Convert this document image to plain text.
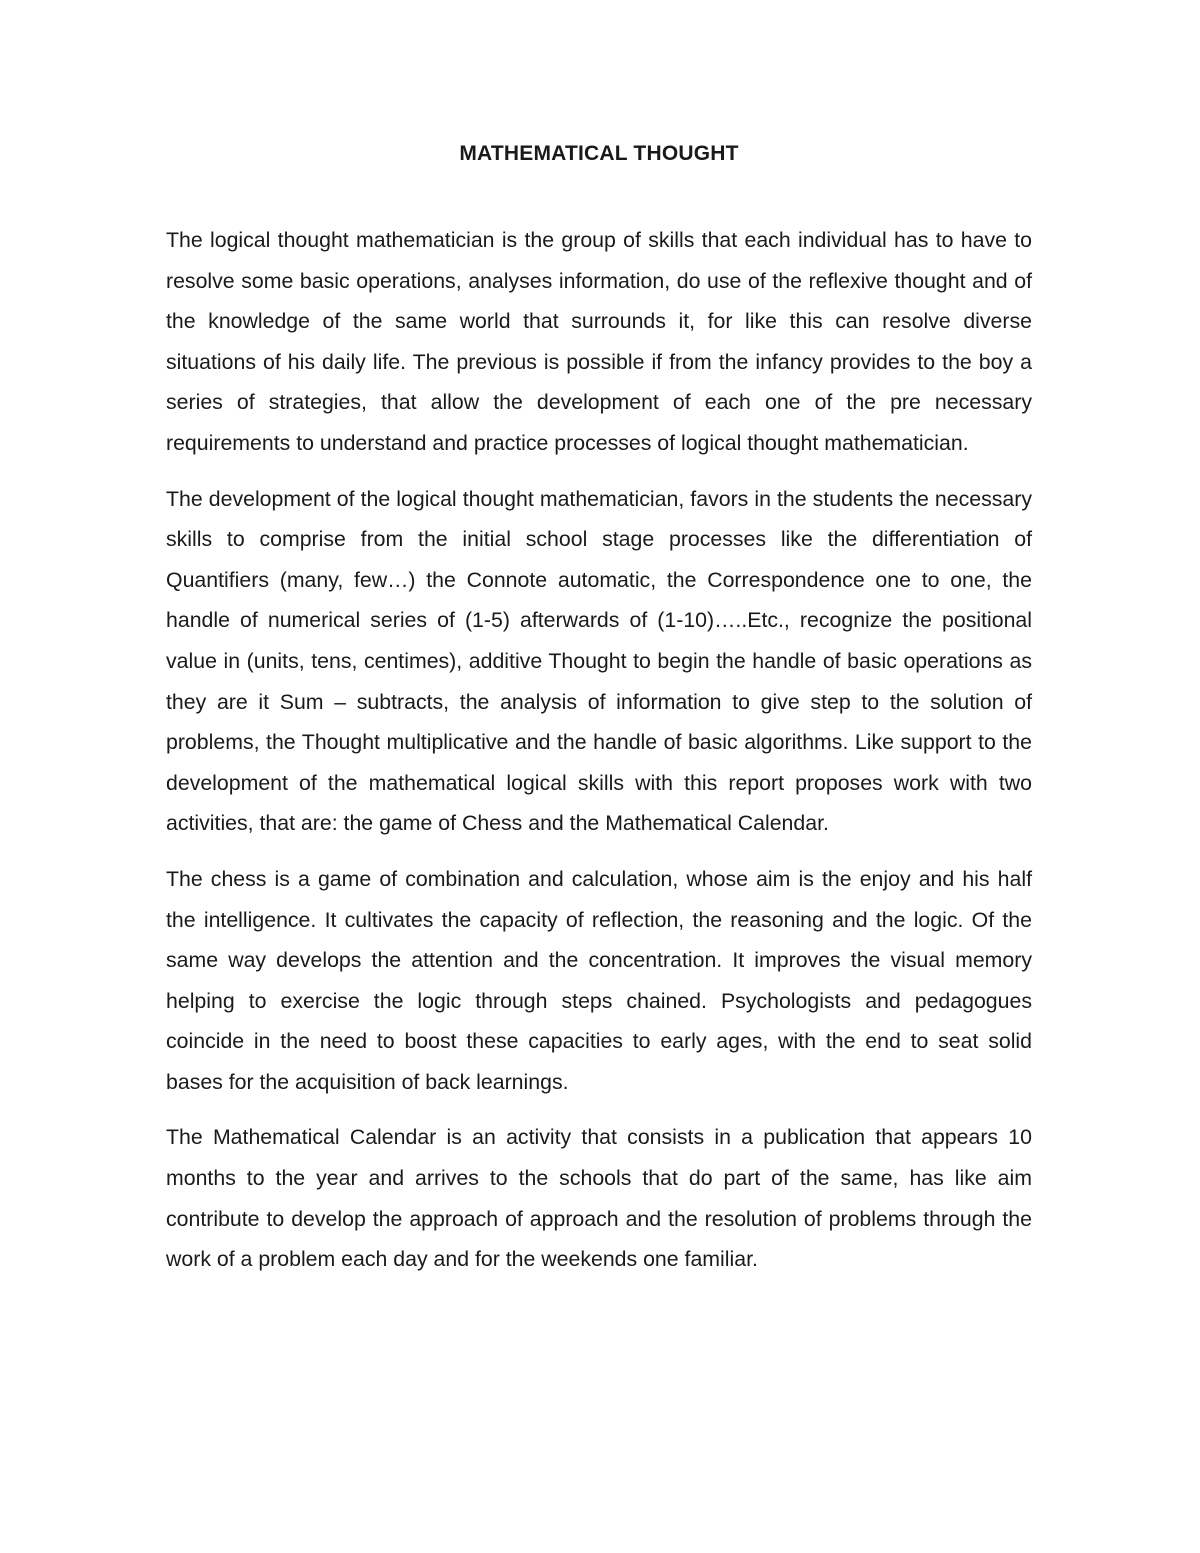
MATHEMATICAL THOUGHT

The logical thought mathematician is the group of skills that each individual has to have to resolve some basic operations, analyses information, do use of the reflexive thought and of the knowledge of the same world that surrounds it, for like this can resolve diverse situations of his daily life. The previous is possible if from the infancy provides to the boy a series of strategies, that allow the development of each one of the pre necessary requirements to understand and practice processes of logical thought mathematician.

The development of the logical thought mathematician, favors in the students the necessary skills to comprise from the initial school stage processes like the differentiation of Quantifiers (many, few…) the Connote automatic, the Correspondence one to one, the handle of numerical series of (1-5) afterwards of (1-10)…..Etc., recognize the positional value in (units, tens, centimes), additive Thought to begin the handle of basic operations as they are it Sum – subtracts, the analysis of information to give step to the solution of problems, the Thought multiplicative and the handle of basic algorithms. Like support to the development of the mathematical logical skills with this report proposes work with two activities, that are: the game of Chess and the Mathematical Calendar.

The chess is a game of combination and calculation, whose aim is the enjoy and his half the intelligence. It cultivates the capacity of reflection, the reasoning and the logic. Of the same way develops the attention and the concentration. It improves the visual memory helping to exercise the logic through steps chained. Psychologists and pedagogues coincide in the need to boost these capacities to early ages, with the end to seat solid bases for the acquisition of back learnings.

The Mathematical Calendar is an activity that consists in a publication that appears 10 months to the year and arrives to the schools that do part of the same, has like aim contribute to develop the approach of approach and the resolution of problems through the work of a problem each day and for the weekends one familiar.
